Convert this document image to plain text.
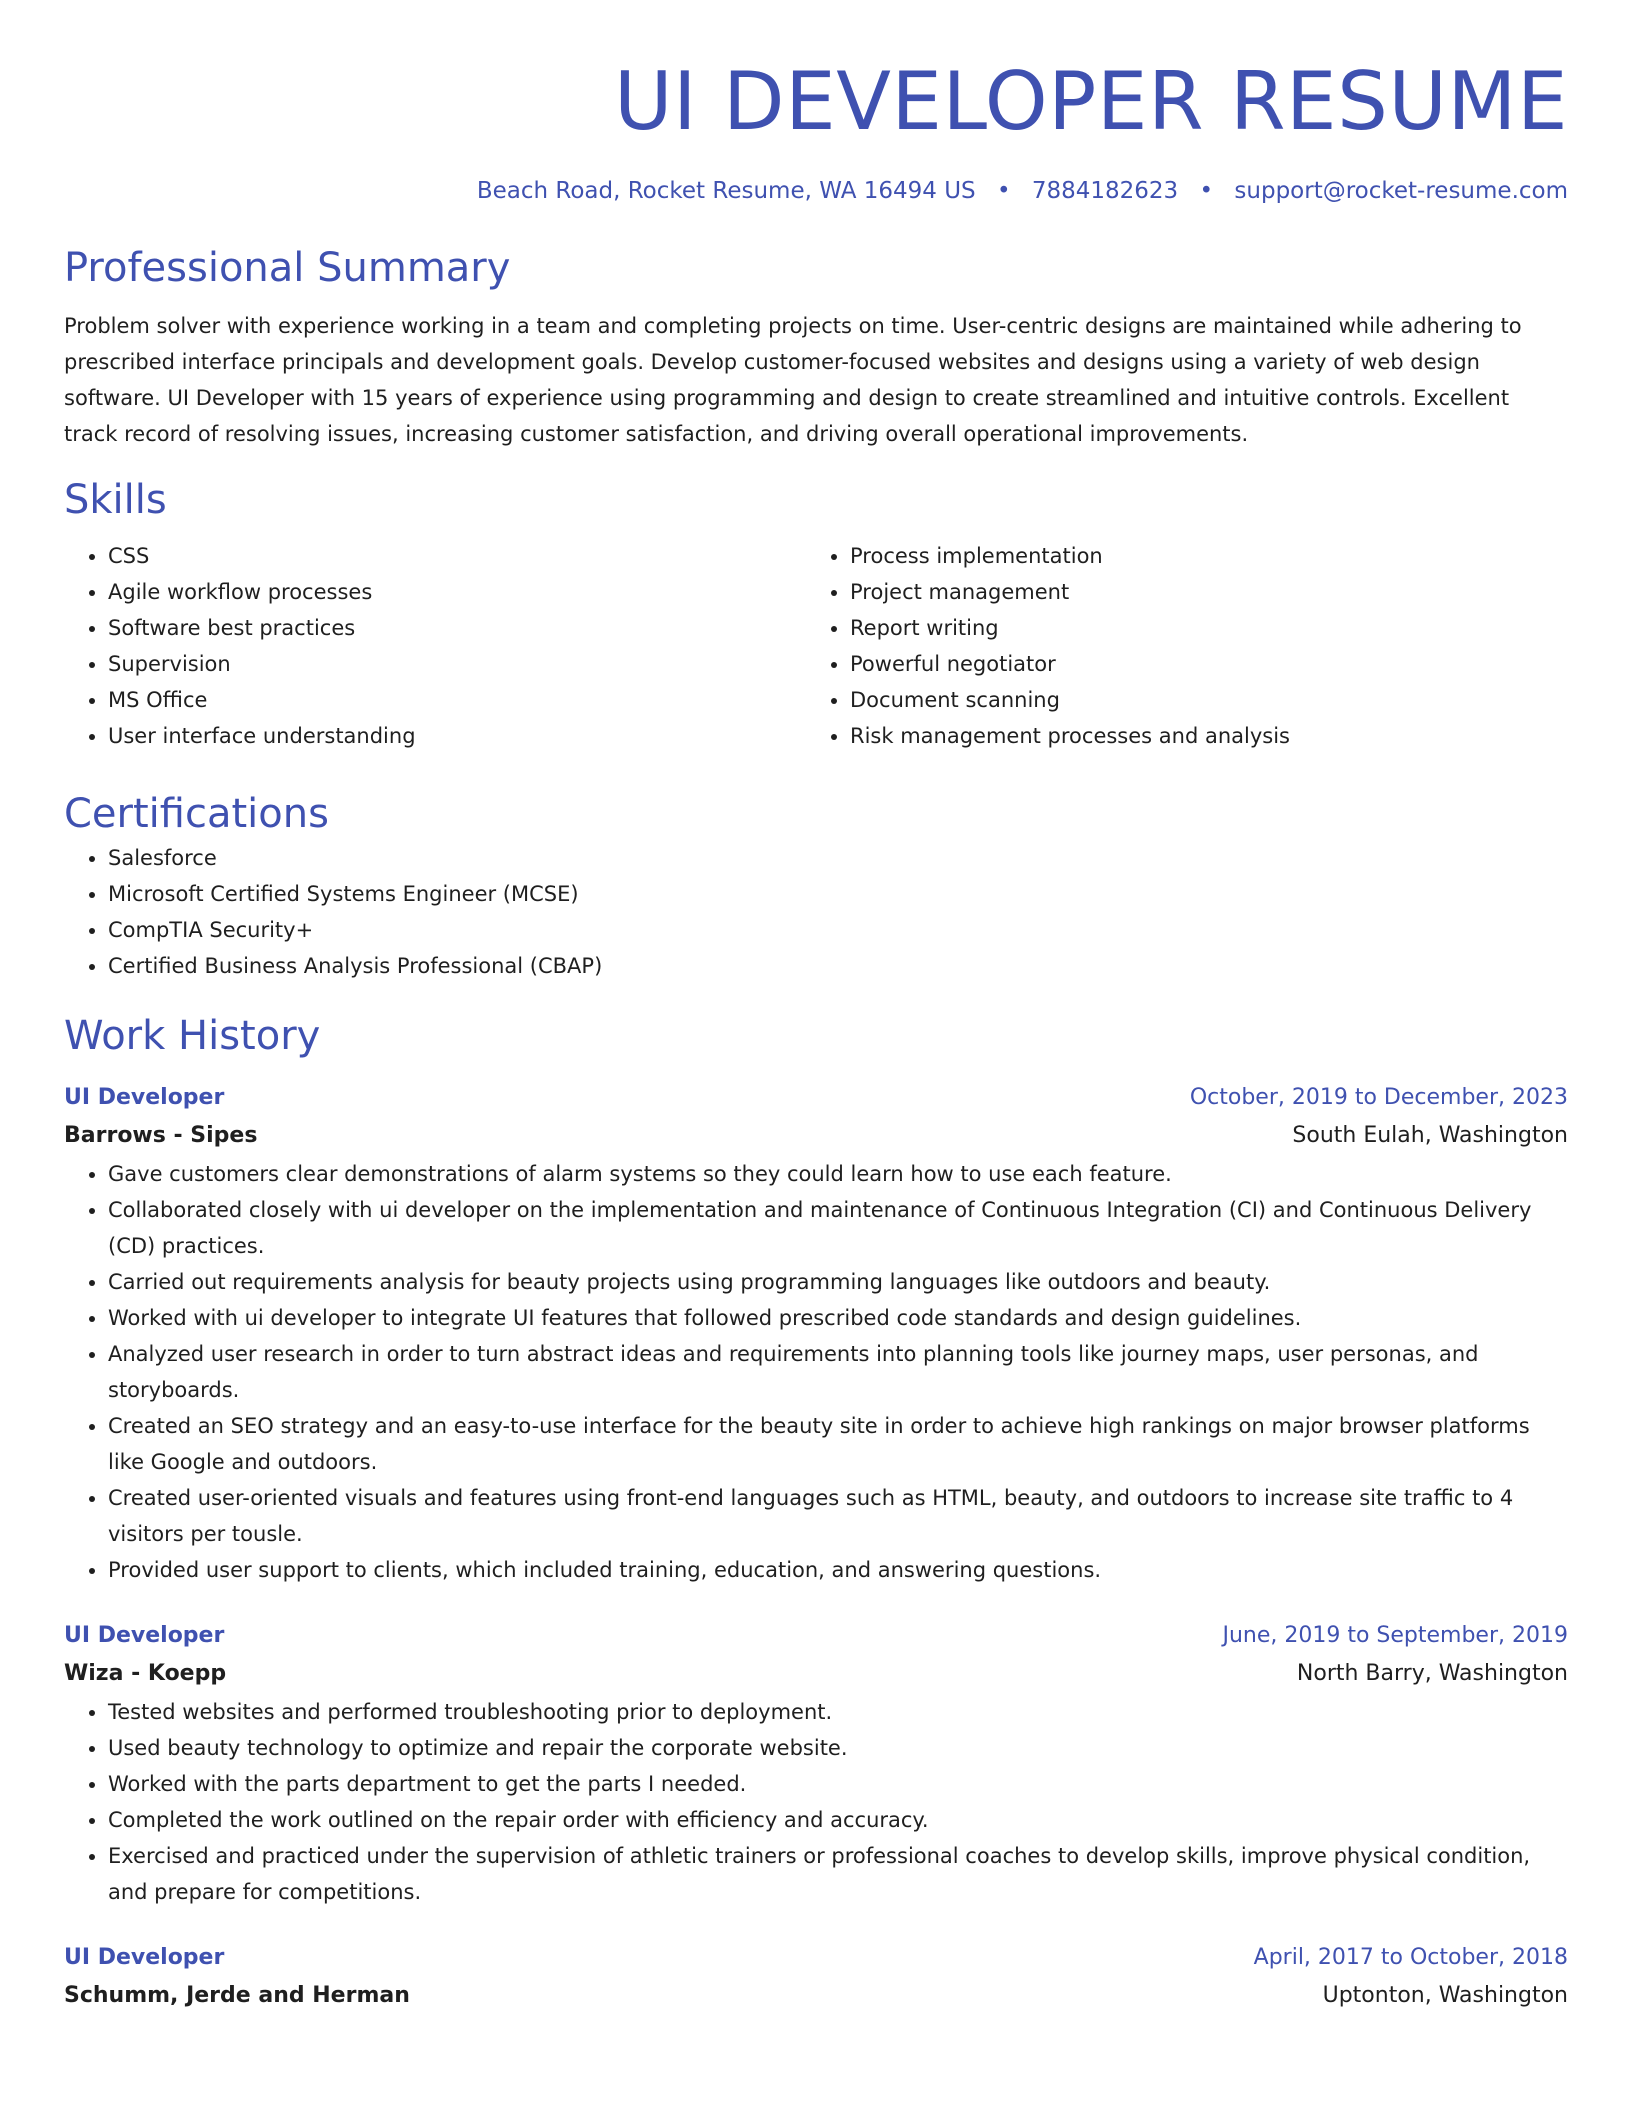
UI DEVELOPER RESUME
Beach Road, Rocket Resume, WA 16494 US • 7884182623 • support@rocket-resume.com
Professional Summary
Problem solver with experience working in a team and completing projects on time. User-centric designs are maintained while adhering to prescribed interface principals and development goals. Develop customer-focused websites and designs using a variety of web design software. UI Developer with 15 years of experience using programming and design to create streamlined and intuitive controls. Excellent track record of resolving issues, increasing customer satisfaction, and driving overall operational improvements.
Skills
• CSS
• Agile workflow processes
• Software best practices
• Supervision
• MS Office
• User interface understanding
• Process implementation
• Project management
• Report writing
• Powerful negotiator
• Document scanning
• Risk management processes and analysis
Certifications
• Salesforce
• Microsoft Certified Systems Engineer (MCSE)
• CompTIA Security+
• Certified Business Analysis Professional (CBAP)
Work History
UI Developer	October, 2019 to December, 2023
Barrows - Sipes	South Eulah, Washington
• Gave customers clear demonstrations of alarm systems so they could learn how to use each feature.
• Collaborated closely with ui developer on the implementation and maintenance of Continuous Integration (CI) and Continuous Delivery (CD) practices.
• Carried out requirements analysis for beauty projects using programming languages like outdoors and beauty.
• Worked with ui developer to integrate UI features that followed prescribed code standards and design guidelines.
• Analyzed user research in order to turn abstract ideas and requirements into planning tools like journey maps, user personas, and storyboards.
• Created an SEO strategy and an easy-to-use interface for the beauty site in order to achieve high rankings on major browser platforms like Google and outdoors.
• Created user-oriented visuals and features using front-end languages such as HTML, beauty, and outdoors to increase site traffic to 4 visitors per tousle.
• Provided user support to clients, which included training, education, and answering questions.
UI Developer	June, 2019 to September, 2019
Wiza - Koepp	North Barry, Washington
• Tested websites and performed troubleshooting prior to deployment.
• Used beauty technology to optimize and repair the corporate website.
• Worked with the parts department to get the parts I needed.
• Completed the work outlined on the repair order with efficiency and accuracy.
• Exercised and practiced under the supervision of athletic trainers or professional coaches to develop skills, improve physical condition, and prepare for competitions.
UI Developer	April, 2017 to October, 2018
Schumm, Jerde and Herman	Uptonton, Washington
